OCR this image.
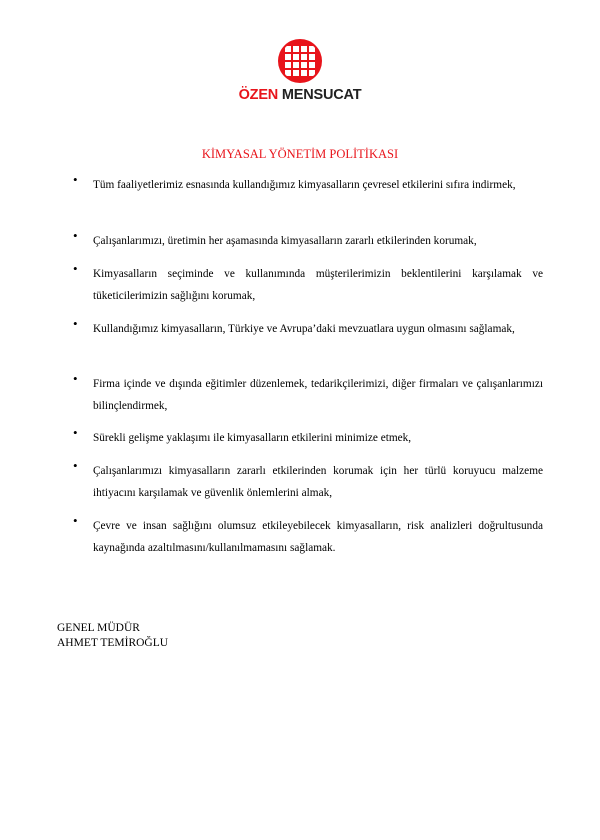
ÖZEN MENSUCAT
KİMYASAL YÖNETİM POLİTİKASI
• Tüm faaliyetlerimiz esnasında kullandığımız kimyasalların çevresel etkilerini sıfıra indirmek,

• Çalışanlarımızı, üretimin her aşamasında kimyasalların zararlı etkilerinden korumak,

• Kimyasalların seçiminde ve kullanımında müşterilerimizin beklentilerini karşılamak ve tüketicilerimizin sağlığını korumak,

• Kullandığımız kimyasalların, Türkiye ve Avrupa’daki mevzuatlara uygun olmasını sağlamak,

• Firma içinde ve dışında eğitimler düzenlemek, tedarikçilerimizi, diğer firmaları ve çalışanlarımızı bilinçlendirmek,

• Sürekli gelişme yaklaşımı ile kimyasalların etkilerini minimize etmek,

• Çalışanlarımızı kimyasalların zararlı etkilerinden korumak için her türlü koruyucu malzeme ihtiyacını karşılamak ve güvenlik önlemlerini almak,

• Çevre ve insan sağlığını olumsuz etkileyebilecek kimyasalların, risk analizleri doğrultusunda kaynağında azaltılmasını/kullanılmamasını sağlamak.

GENEL MÜDÜR
AHMET TEMİROĞLU
